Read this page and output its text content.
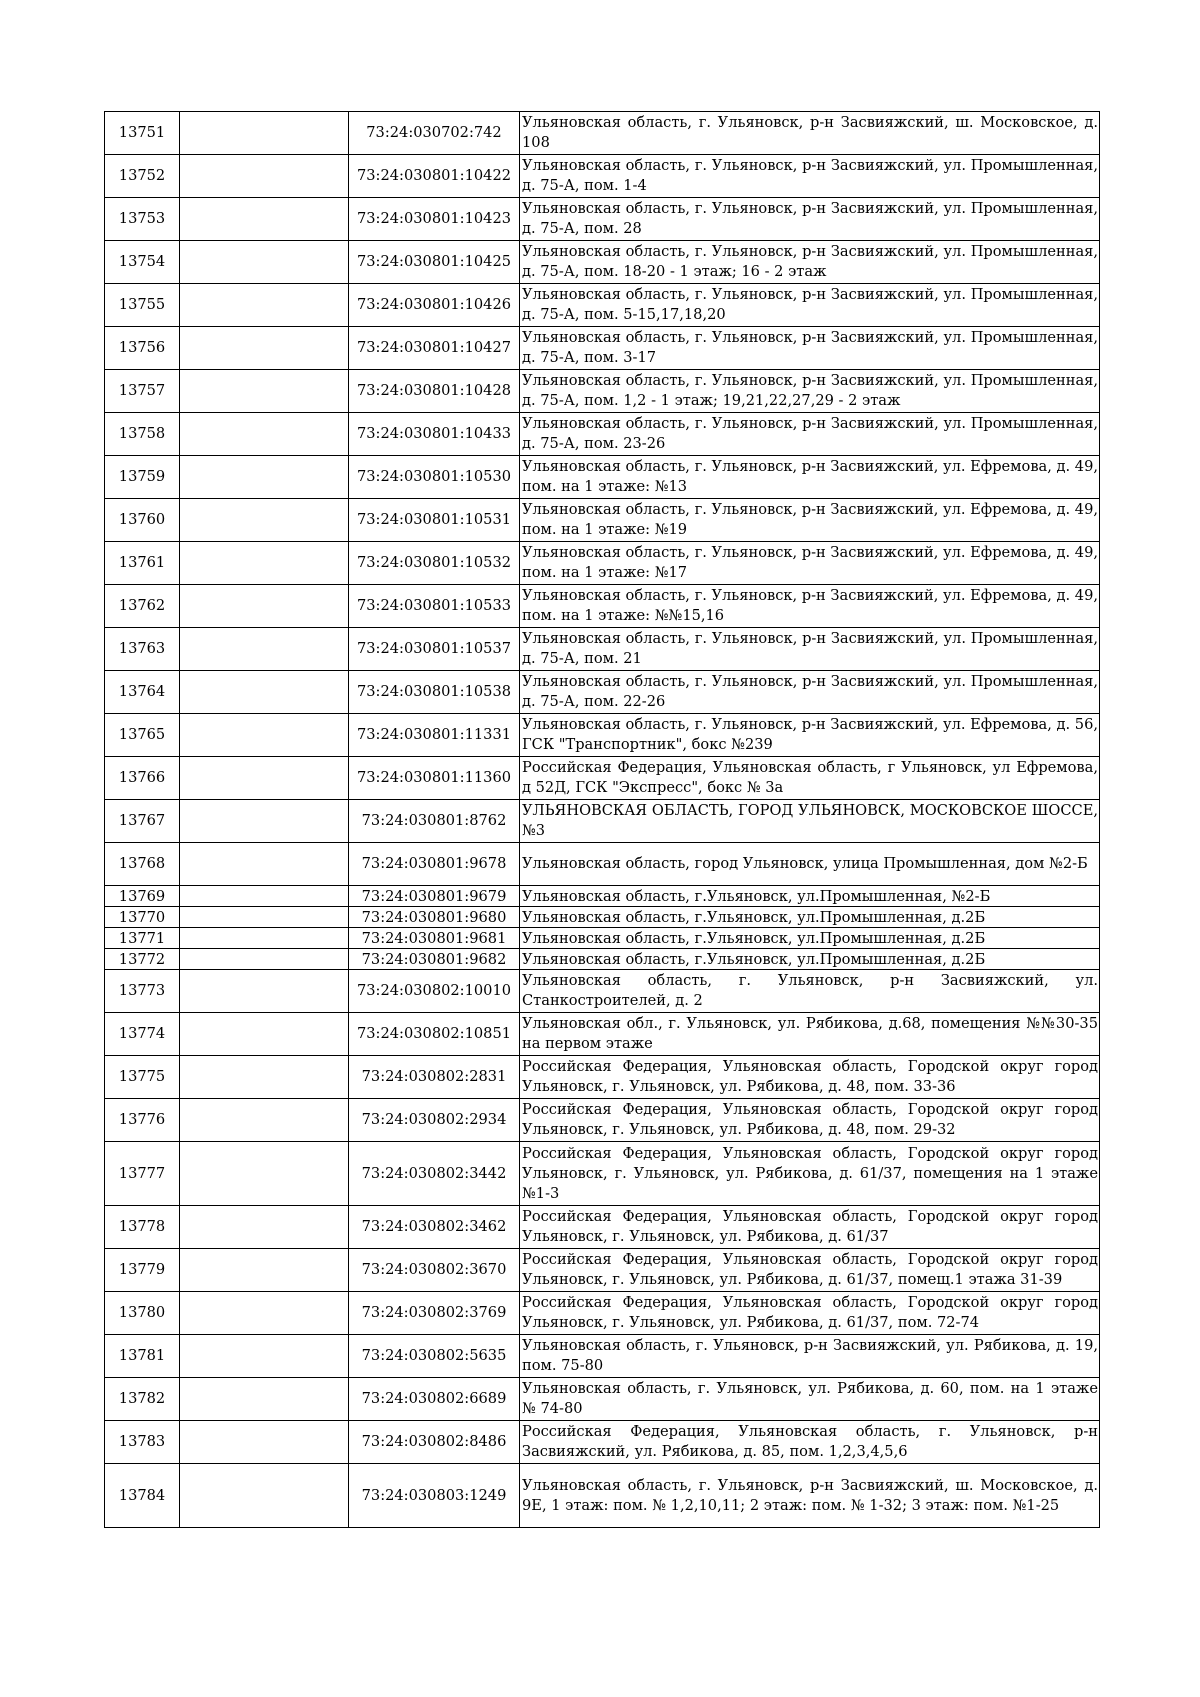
13751		73:24:030702:742	Ульяновская область, г. Ульяновск, р-н Засвияжский, ш. Московское, д. 108

13752		73:24:030801:10422	Ульяновская область, г. Ульяновск, р-н Засвияжский, ул. Промышленная, д. 75-А, пом. 1-4

13753		73:24:030801:10423	Ульяновская область, г. Ульяновск, р-н Засвияжский, ул. Промышленная, д. 75-А, пом. 28

13754		73:24:030801:10425	Ульяновская область, г. Ульяновск, р-н Засвияжский, ул. Промышленная, д. 75-А, пом. 18-20 - 1 этаж; 16 - 2 этаж

13755		73:24:030801:10426	Ульяновская область, г. Ульяновск, р-н Засвияжский, ул. Промышленная, д. 75-А, пом. 5-15,17,18,20

13756		73:24:030801:10427	Ульяновская область, г. Ульяновск, р-н Засвияжский, ул. Промышленная, д. 75-А, пом. 3-17

13757		73:24:030801:10428	Ульяновская область, г. Ульяновск, р-н Засвияжский, ул. Промышленная, д. 75-А, пом. 1,2 - 1 этаж; 19,21,22,27,29 - 2 этаж

13758		73:24:030801:10433	Ульяновская область, г. Ульяновск, р-н Засвияжский, ул. Промышленная, д. 75-А, пом. 23-26

13759		73:24:030801:10530	Ульяновская область, г. Ульяновск, р-н Засвияжский, ул. Ефремова, д. 49, пом. на 1 этаже: №13

13760		73:24:030801:10531	Ульяновская область, г. Ульяновск, р-н Засвияжский, ул. Ефремова, д. 49, пом. на 1 этаже: №19

13761		73:24:030801:10532	Ульяновская область, г. Ульяновск, р-н Засвияжский, ул. Ефремова, д. 49, пом. на 1 этаже: №17

13762		73:24:030801:10533	Ульяновская область, г. Ульяновск, р-н Засвияжский, ул. Ефремова, д. 49, пом. на 1 этаже: №№15,16

13763		73:24:030801:10537	Ульяновская область, г. Ульяновск, р-н Засвияжский, ул. Промышленная, д. 75-А, пом. 21

13764		73:24:030801:10538	Ульяновская область, г. Ульяновск, р-н Засвияжский, ул. Промышленная, д. 75-А, пом. 22-26

13765		73:24:030801:11331	Ульяновская область, г. Ульяновск, р-н Засвияжский, ул. Ефремова, д. 56, ГСК "Транспортник", бокс №239

13766		73:24:030801:11360	Российская Федерация, Ульяновская область, г Ульяновск, ул Ефремова, д 52Д, ГСК "Экспресс", бокс № 3а

13767		73:24:030801:8762	УЛЬЯНОВСКАЯ ОБЛАСТЬ, ГОРОД УЛЬЯНОВСК, МОСКОВСКОЕ ШОССЕ, №3

13768		73:24:030801:9678	Ульяновская область, город Ульяновск, улица Промышленная, дом №2-Б

13769		73:24:030801:9679	Ульяновская область, г.Ульяновск, ул.Промышленная, №2-Б

13770		73:24:030801:9680	Ульяновская область, г.Ульяновск, ул.Промышленная, д.2Б

13771		73:24:030801:9681	Ульяновская область, г.Ульяновск, ул.Промышленная, д.2Б

13772		73:24:030801:9682	Ульяновская область, г.Ульяновск, ул.Промышленная, д.2Б

13773		73:24:030802:10010	Ульяновская область, г. Ульяновск, р-н Засвияжский, ул. Станкостроителей, д. 2

13774		73:24:030802:10851	Ульяновская обл., г. Ульяновск, ул. Рябикова, д.68, помещения №№30-35 на первом этаже

13775		73:24:030802:2831	Российская Федерация, Ульяновская область, Городской округ город Ульяновск, г. Ульяновск, ул. Рябикова, д. 48, пом. 33-36

13776		73:24:030802:2934	Российская Федерация, Ульяновская область, Городской округ город Ульяновск, г. Ульяновск, ул. Рябикова, д. 48, пом. 29-32

13777		73:24:030802:3442	Российская Федерация, Ульяновская область, Городской округ город Ульяновск, г. Ульяновск, ул. Рябикова, д. 61/37, помещения на 1 этаже №1-3

13778		73:24:030802:3462	Российская Федерация, Ульяновская область, Городской округ город Ульяновск, г. Ульяновск, ул. Рябикова, д. 61/37

13779		73:24:030802:3670	Российская Федерация, Ульяновская область, Городской округ город Ульяновск, г. Ульяновск, ул. Рябикова, д. 61/37, помещ.1 этажа 31-39

13780		73:24:030802:3769	Российская Федерация, Ульяновская область, Городской округ город Ульяновск, г. Ульяновск, ул. Рябикова, д. 61/37, пом. 72-74

13781		73:24:030802:5635	Ульяновская область, г. Ульяновск, р-н Засвияжский, ул. Рябикова, д. 19, пом. 75-80

13782		73:24:030802:6689	Ульяновская область, г. Ульяновск, ул. Рябикова, д. 60, пом. на 1 этаже № 74-80

13783		73:24:030802:8486	Российская Федерация, Ульяновская область, г. Ульяновск, р-н Засвияжский, ул. Рябикова, д. 85, пом. 1,2,3,4,5,6

13784		73:24:030803:1249	Ульяновская область, г. Ульяновск, р-н Засвияжский, ш. Московское, д. 9Е, 1 этаж: пом. № 1,2,10,11; 2 этаж: пом. № 1-32; 3 этаж: пом. №1-25
